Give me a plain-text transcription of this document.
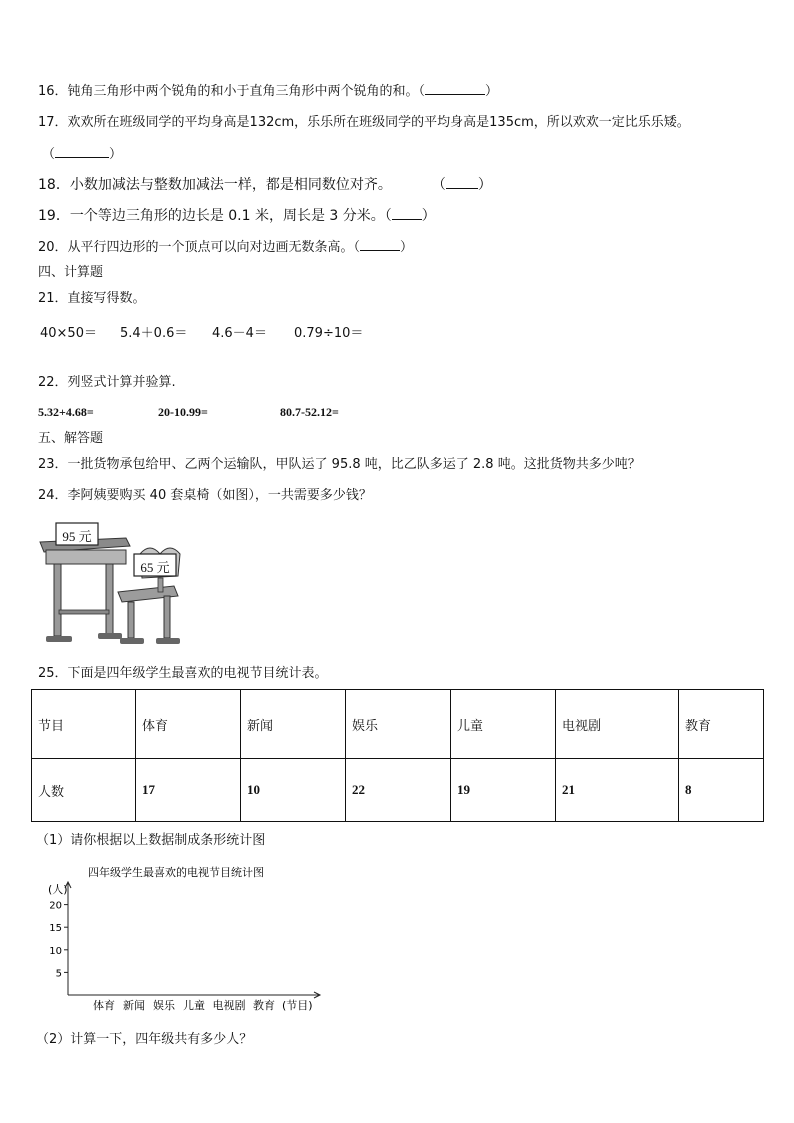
16．钝角三角形中两个锐角的和小于直角三角形中两个锐角的和。（	）
17．欢欢所在班级同学的平均身高是132cm，乐乐所在班级同学的平均身高是135cm，所以欢欢一定比乐乐矮。
（	）
18．小数加减法与整数加减法一样，都是相同数位对齐。	（ ）
19．一个等边三角形的边长是 0.1 米，周长是 3 分米。（ ）
20．从平行四边形的一个顶点可以向对边画无数条高。（	）
四、计算题
21．直接写得数。
40×50＝ 5.4＋0.6＝ 4.6－4＝ 0.79÷10＝
22．列竖式计算并验算.
5.32+4.68=	20-10.99=	80.7-52.12=
五、解答题
23．一批货物承包给甲、乙两个运输队，甲队运了 95.8 吨，比乙队多运了 2.8 吨。这批货物共多少吨？
24．李阿姨要购买 40 套桌椅（如图），一共需要多少钱？
95 元
65 元
25．下面是四年级学生最喜欢的电视节目统计表。
节目	体育	新闻	娱乐	儿童	电视剧	教育
人数	17	10	22	19	21	8
（1）请你根据以上数据制成条形统计图
四年级学生最喜欢的电视节目统计图
(人)
5
10
15
20
体育 新闻 娱乐 儿童 电视剧 教育 (节目)
（2）计算一下，四年级共有多少人？
